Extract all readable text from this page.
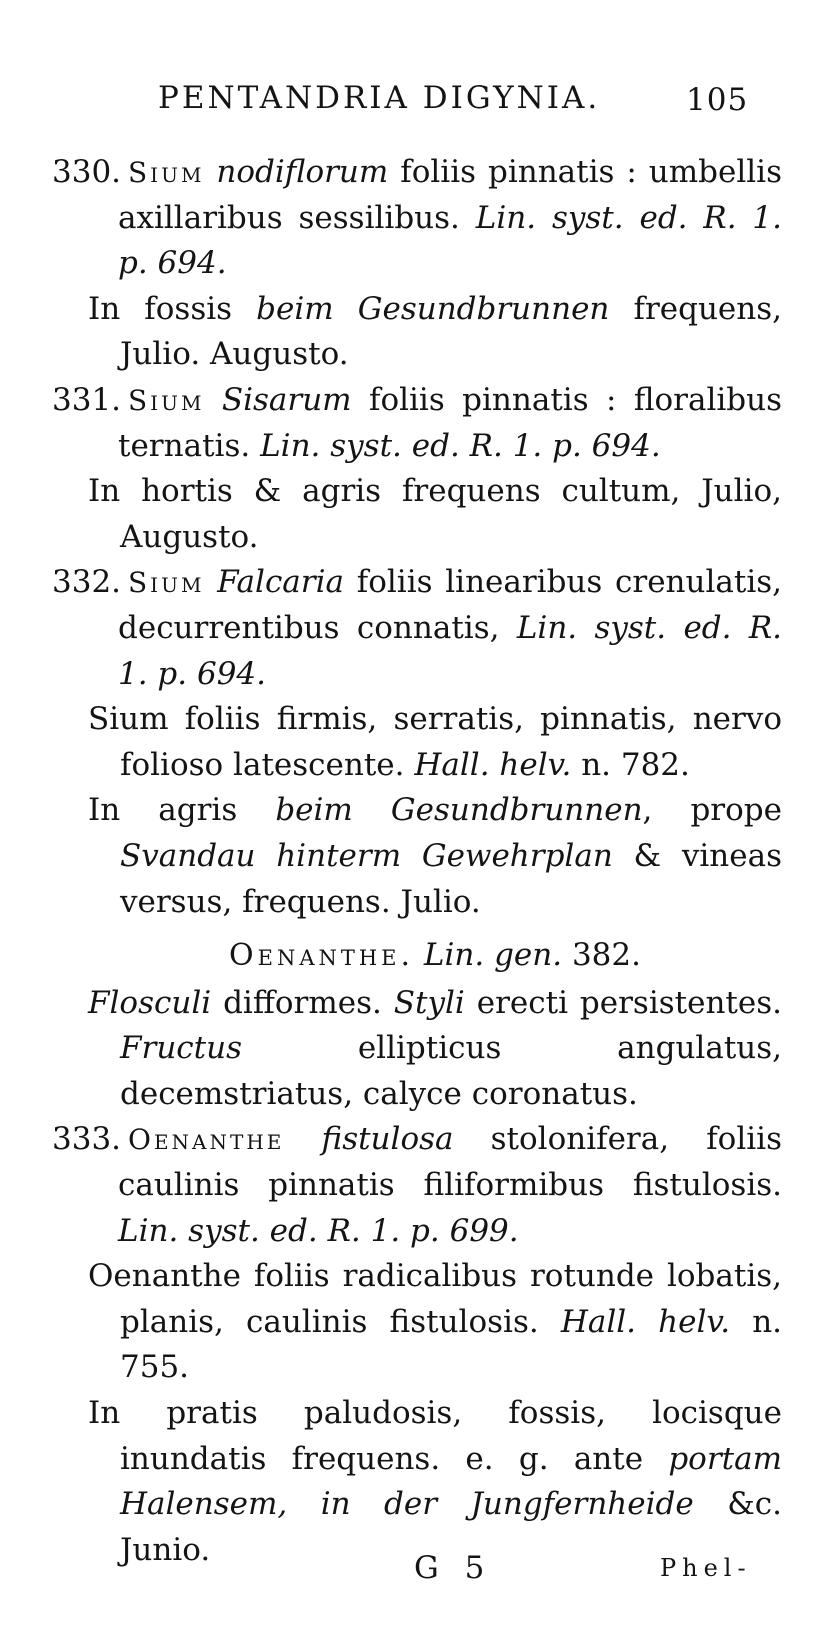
PENTANDRIA DIGYNIA.	105
330. Sium nodiflorum foliis pinnatis : umbellis axillaribus sessilibus. Lin. syst. ed. R. 1. p. 694.
In fossis beim Gesundbrunnen frequens, Julio. Augusto.
331. Sium Sisarum foliis pinnatis : floralibus ternatis. Lin. syst. ed. R. 1. p. 694.
In hortis & agris frequens cultum, Julio, Augusto.
332. Sium Falcaria foliis linearibus crenulatis, decurrentibus connatis, Lin. syst. ed. R. 1. p. 694.
Sium foliis firmis, serratis, pinnatis, nervo folioso latescente. Hall. helv. n. 782.
In agris beim Gesundbrunnen, prope Svandau hinterm Gewehrplan & vineas versus, frequens. Julio.
Oenanthe. Lin. gen. 382.
Flosculi difformes. Styli erecti persistentes. Fructus	ellipticus angulatus, decemstriatus, calyce coronatus.
333. Oenanthe fistulosa stolonifera, foliis caulinis pinnatis filiformibus fistulosis. Lin. syst. ed. R. 1. p. 699.
Oenanthe foliis radicalibus rotunde lobatis, planis, caulinis fistulosis. Hall. helv. n. 755.
In pratis paludosis, fossis, locisque inundatis frequens. e. g. ante portam Halensem, in der Jungfernheide &c. Junio.
G 5	Phel-
